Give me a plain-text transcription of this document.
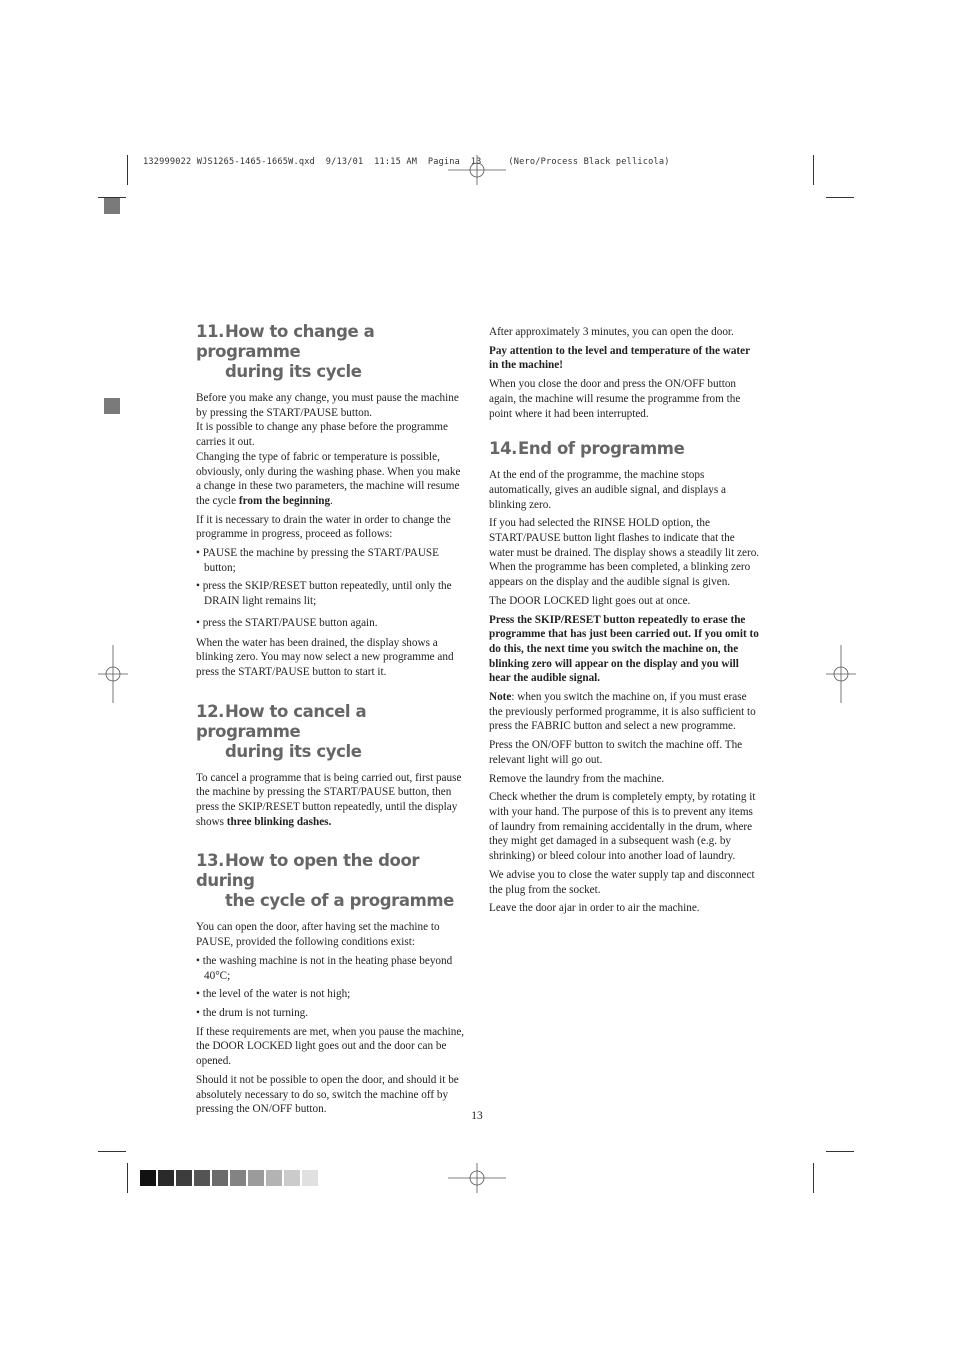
132999022 WJS1265-1465-1665W.qxd  9/13/01  11:15 AM  Pagina  13     (Nero/Process Black pellicola)
11.How to change a programme
during its cycle

Before you make any change, you must pause the machine by pressing the START/PAUSE button.

It is possible to change any phase before the programme carries it out.

Changing the type of fabric or temperature is possible, obviously, only during the washing phase. When you make a change in these two parameters, the machine will resume the cycle from the beginning.

If it is necessary to drain the water in order to change the programme in progress, proceed as follows:

• PAUSE the machine by pressing the START/PAUSE button;

• press the SKIP/RESET button repeatedly, until only the DRAIN light remains lit;

• press the START/PAUSE button again.

When the water has been drained, the display shows a blinking zero. You may now select a new programme and press the START/PAUSE button to start it.

12.How to cancel a programme
during its cycle

To cancel a programme that is being carried out, first pause the machine by pressing the START/PAUSE button, then press the SKIP/RESET button repeatedly, until the display shows three blinking dashes.

13.How to open the door during
the cycle of a programme

You can open the door, after having set the machine to PAUSE, provided the following conditions exist:

• the washing machine is not in the heating phase beyond 40°C;

• the level of the water is not high;

• the drum is not turning.

If these requirements are met, when you pause the machine, the DOOR LOCKED light goes out and the door can be opened.

Should it not be possible to open the door, and should it be absolutely necessary to do so, switch the machine off by pressing the ON/OFF button.

After approximately 3 minutes, you can open the door.

Pay attention to the level and temperature of the water in the machine!

When you close the door and press the ON/OFF button again, the machine will resume the programme from the point where it had been interrupted.

14.End of programme

At the end of the programme, the machine stops automatically, gives an audible signal, and displays a blinking zero.

If you had selected the RINSE HOLD option, the START/PAUSE button light flashes to indicate that the water must be drained. The display shows a steadily lit zero.

When the programme has been completed, a blinking zero appears on the display and the audible signal is given.

The DOOR LOCKED light goes out at once.

Press the SKIP/RESET button repeatedly to erase the programme that has just been carried out. If you omit to do this, the next time you switch the machine on, the blinking zero will appear on the display and you will hear the audible signal.

Note: when you switch the machine on, if you must erase the previously performed programme, it is also sufficient to press the FABRIC button and select a new programme.

Press the ON/OFF button to switch the machine off. The relevant light will go out.

Remove the laundry from the machine.

Check whether the drum is completely empty, by rotating it with your hand. The purpose of this is to prevent any items of laundry from remaining accidentally in the drum, where they might get damaged in a subsequent wash (e.g. by shrinking) or bleed colour into another load of laundry.

We advise you to close the water supply tap and disconnect the plug from the socket.

Leave the door ajar in order to air the machine.

13
